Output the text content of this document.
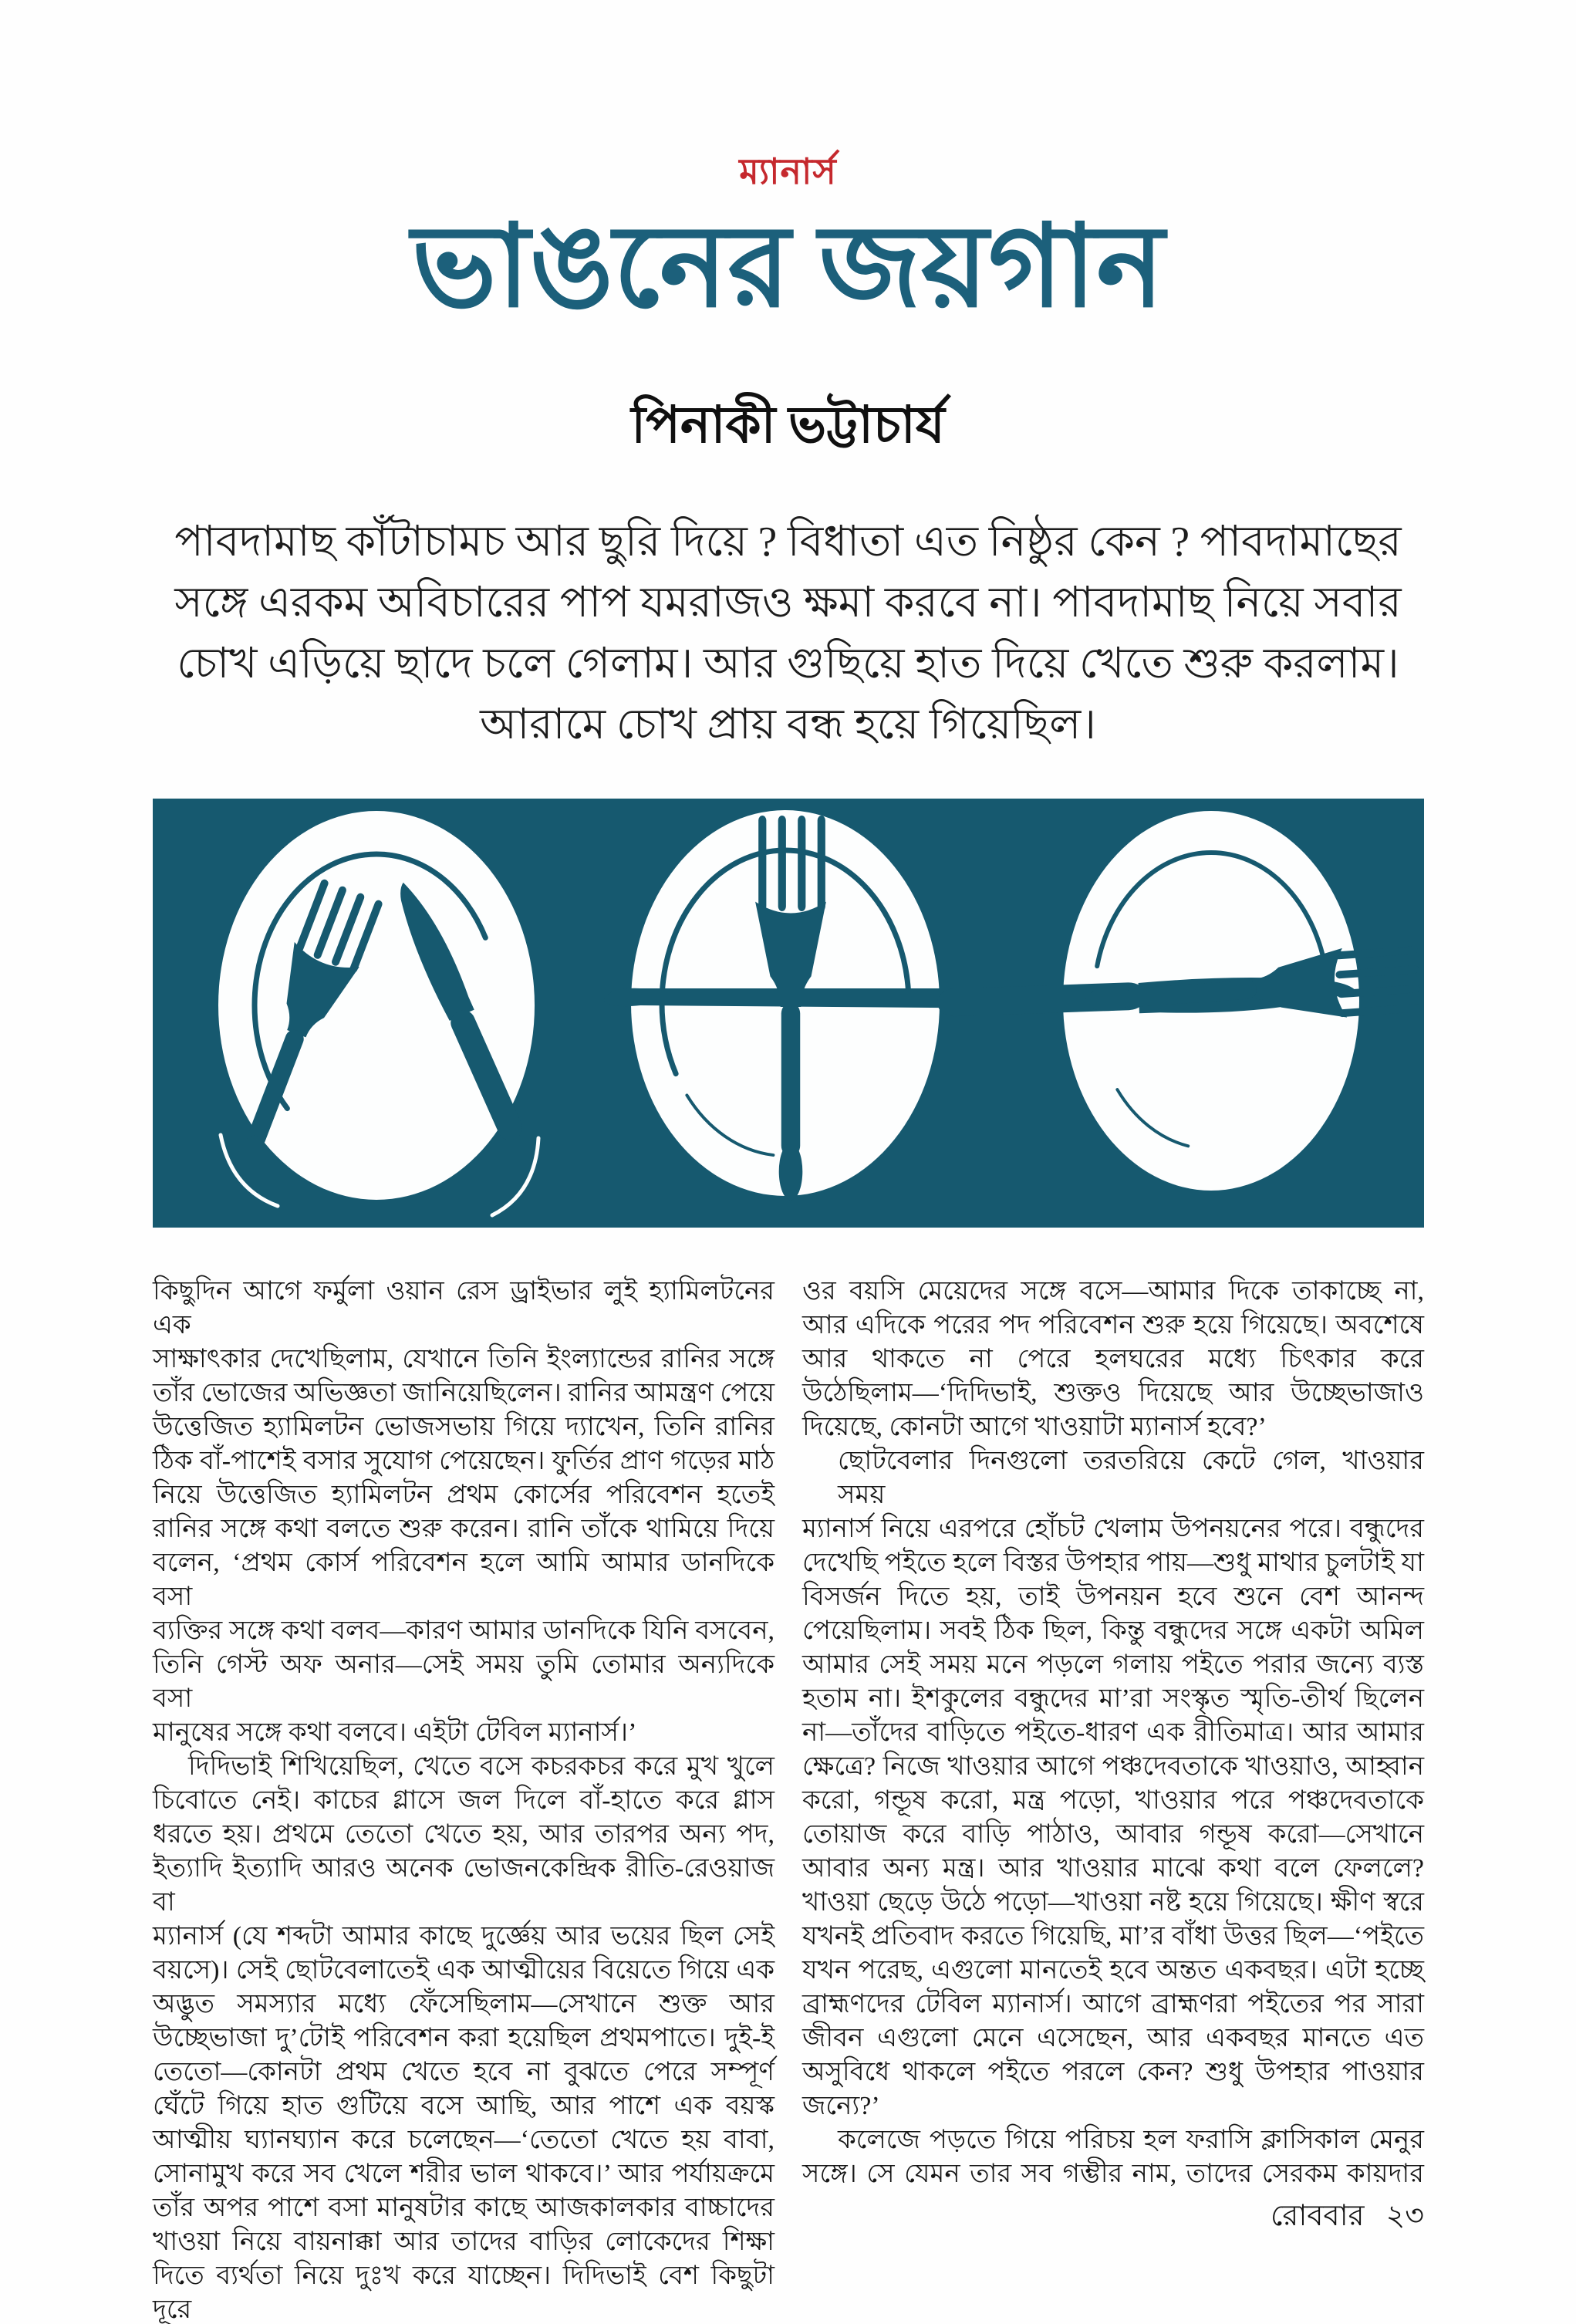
ম্যানার্স
ভাঙনের জয়গান
পিনাকী ভট্টাচার্য
পাবদামাছ কাঁটাচামচ আর ছুরি দিয়ে ? বিধাতা এত নিষ্ঠুর কেন ? পাবদামাছের
সঙ্গে এরকম অবিচারের পাপ যমরাজও ক্ষমা করবে না। পাবদামাছ নিয়ে সবার
চোখ এড়িয়ে ছাদে চলে গেলাম। আর গুছিয়ে হাত দিয়ে খেতে শুরু করলাম।
আরামে চোখ প্রায় বন্ধ হয়ে গিয়েছিল।
কিছুদিন আগে ফর্মুলা ওয়ান রেস ড্রাইভার লুই হ্যামিলটনের এক
সাক্ষাৎকার দেখেছিলাম, যেখানে তিনি ইংল্যান্ডের রানির সঙ্গে
তাঁর ভোজের অভিজ্ঞতা জানিয়েছিলেন। রানির আমন্ত্রণ পেয়ে
উত্তেজিত হ্যামিলটন ভোজসভায় গিয়ে দ্যাখেন, তিনি রানির
ঠিক বাঁ-পাশেই বসার সুযোগ পেয়েছেন। ফুর্তির প্রাণ গড়ের মাঠ
নিয়ে উত্তেজিত হ্যামিলটন প্রথম কোর্সের পরিবেশন হতেই
রানির সঙ্গে কথা বলতে শুরু করেন। রানি তাঁকে থামিয়ে দিয়ে
বলেন, ‘প্রথম কোর্স পরিবেশন হলে আমি আমার ডানদিকে বসা
ব্যক্তির সঙ্গে কথা বলব—কারণ আমার ডানদিকে যিনি বসবেন,
তিনি গেস্ট অফ অনার—সেই সময় তুমি তোমার অন্যদিকে বসা
মানুষের সঙ্গে কথা বলবে। এইটা টেবিল ম্যানার্স।’
দিদিভাই শিখিয়েছিল, খেতে বসে কচরকচর করে মুখ খুলে
চিবোতে নেই। কাচের গ্লাসে জল দিলে বাঁ-হাতে করে গ্লাস
ধরতে হয়। প্রথমে তেতো খেতে হয়, আর তারপর অন্য পদ,
ইত্যাদি ইত্যাদি আরও অনেক ভোজনকেন্দ্রিক রীতি-রেওয়াজ বা
ম্যানার্স (যে শব্দটা আমার কাছে দুর্জ্ঞেয় আর ভয়ের ছিল সেই
বয়সে)। সেই ছোটবেলাতেই এক আত্মীয়ের বিয়েতে গিয়ে এক
অদ্ভুত সমস্যার মধ্যে ফেঁসেছিলাম—সেখানে শুক্ত আর
উচ্ছেভাজা দু’টোই পরিবেশন করা হয়েছিল প্রথমপাতে। দুই-ই
তেতো—কোনটা প্রথম খেতে হবে না বুঝতে পেরে সম্পূর্ণ
ঘেঁটে গিয়ে হাত গুটিয়ে বসে আছি, আর পাশে এক বয়স্ক
আত্মীয় ঘ্যানঘ্যান করে চলেছেন—‘তেতো খেতে হয় বাবা,
সোনামুখ করে সব খেলে শরীর ভাল থাকবে।’ আর পর্যায়ক্রমে
তাঁর অপর পাশে বসা মানুষটার কাছে আজকালকার বাচ্চাদের
খাওয়া নিয়ে বায়নাক্কা আর তাদের বাড়ির লোকেদের শিক্ষা
দিতে ব্যর্থতা নিয়ে দুঃখ করে যাচ্ছেন। দিদিভাই বেশ কিছুটা দূরে
ওর বয়সি মেয়েদের সঙ্গে বসে—আমার দিকে তাকাচ্ছে না,
আর এদিকে পরের পদ পরিবেশন শুরু হয়ে গিয়েছে। অবশেষে
আর থাকতে না পেরে হলঘরের মধ্যে চিৎকার করে
উঠেছিলাম—‘দিদিভাই, শুক্তও দিয়েছে আর উচ্ছেভাজাও
দিয়েছে, কোনটা আগে খাওয়াটা ম্যানার্স হবে?’
ছোটবেলার দিনগুলো তরতরিয়ে কেটে গেল, খাওয়ার সময়
ম্যানার্স নিয়ে এরপরে হোঁচট খেলাম উপনয়নের পরে। বন্ধুদের
দেখেছি পইতে হলে বিস্তর উপহার পায়—শুধু মাথার চুলটাই যা
বিসর্জন দিতে হয়, তাই উপনয়ন হবে শুনে বেশ আনন্দ
পেয়েছিলাম। সবই ঠিক ছিল, কিন্তু বন্ধুদের সঙ্গে একটা অমিল
আমার সেই সময় মনে পড়লে গলায় পইতে পরার জন্যে ব্যস্ত
হতাম না। ইশকুলের বন্ধুদের মা’রা সংস্কৃত স্মৃতি-তীর্থ ছিলেন
না—তাঁদের বাড়িতে পইতে-ধারণ এক রীতিমাত্র। আর আমার
ক্ষেত্রে? নিজে খাওয়ার আগে পঞ্চদেবতাকে খাওয়াও, আহ্বান
করো, গন্ডূষ করো, মন্ত্র পড়ো, খাওয়ার পরে পঞ্চদেবতাকে
তোয়াজ করে বাড়ি পাঠাও, আবার গন্ডূষ করো—সেখানে
আবার অন্য মন্ত্র। আর খাওয়ার মাঝে কথা বলে ফেললে?
খাওয়া ছেড়ে উঠে পড়ো—খাওয়া নষ্ট হয়ে গিয়েছে। ক্ষীণ স্বরে
যখনই প্রতিবাদ করতে গিয়েছি, মা’র বাঁধা উত্তর ছিল—‘পইতে
যখন পরেছ, এগুলো মানতেই হবে অন্তত একবছর। এটা হচ্ছে
ব্রাহ্মণদের টেবিল ম্যানার্স। আগে ব্রাহ্মণরা পইতের পর সারা
জীবন এগুলো মেনে এসেছেন, আর একবছর মানতে এত
অসুবিধে থাকলে পইতে পরলে কেন? শুধু উপহার পাওয়ার
জন্যে?’
কলেজে পড়তে গিয়ে পরিচয় হল ফরাসি ক্লাসিকাল মেনুর
সঙ্গে। সে যেমন তার সব গম্ভীর নাম, তাদের সেরকম কায়দার
রোববার ২৩
